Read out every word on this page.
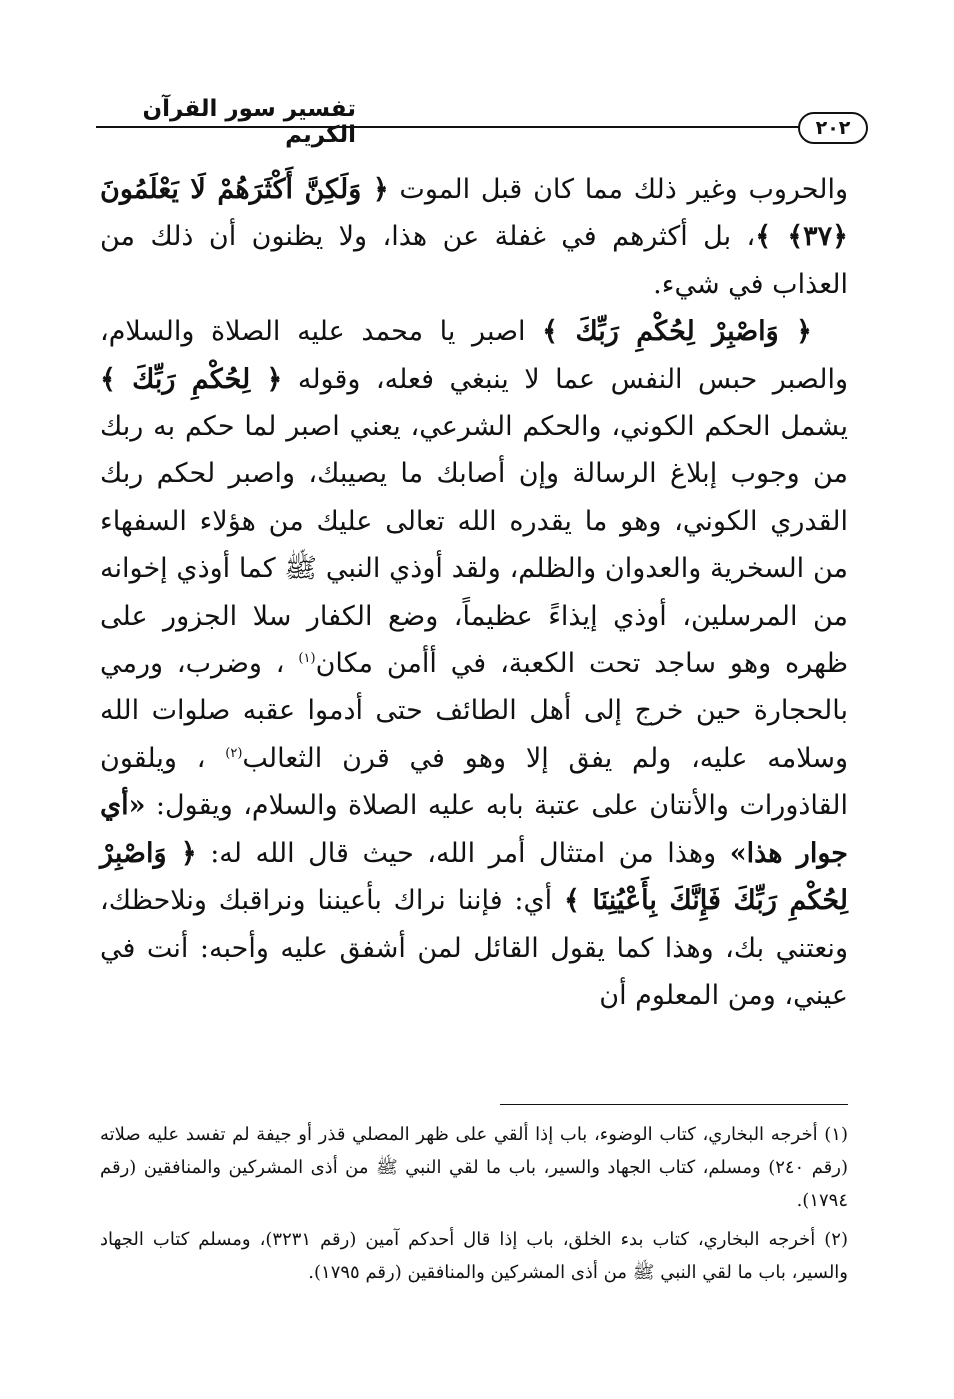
تفسير سور القرآن الكريم	٢٠٢

والحروب وغير ذلك مما كان قبل الموت ﴿ وَلَكِنَّ أَكْثَرَهُمْ لَا يَعْلَمُونَ ﴿٣٧﴾ ﴾، بل أكثرهم في غفلة عن هذا، ولا يظنون أن ذلك من العذاب في شيء.

﴿ وَاصْبِرْ لِحُكْمِ رَبِّكَ ﴾ اصبر يا محمد عليه الصلاة والسلام، والصبر حبس النفس عما لا ينبغي فعله، وقوله ﴿ لِحُكْمِ رَبِّكَ ﴾ يشمل الحكم الكوني، والحكم الشرعي، يعني اصبر لما حكم به ربك من وجوب إبلاغ الرسالة وإن أصابك ما يصيبك، واصبر لحكم ربك القدري الكوني، وهو ما يقدره الله تعالى عليك من هؤلاء السفهاء من السخرية والعدوان والظلم، ولقد أوذي النبي ﷺ كما أوذي إخوانه من المرسلين، أوذي إيذاءً عظيماً، وضع الكفار سلا الجزور على ظهره وهو ساجد تحت الكعبة، في أأمن مكان$^{(١)}$ ، وضرب، ورمي بالحجارة حين خرج إلى أهل الطائف حتى أدموا عقبه صلوات الله وسلامه عليه، ولم يفق إلا وهو في قرن الثعالب$^{(٢)}$ ، ويلقون القاذورات والأنتان على عتبة بابه عليه الصلاة والسلام، ويقول: «أي جوار هذا» وهذا من امتثال أمر الله، حيث قال الله له: ﴿ وَاصْبِرْ لِحُكْمِ رَبِّكَ فَإِنَّكَ بِأَعْيُنِنَا ﴾ أي: فإننا نراك بأعيننا ونراقبك ونلاحظك، ونعتني بك، وهذا كما يقول القائل لمن أشفق عليه وأحبه: أنت في عيني، ومن المعلوم أن

(١) أخرجه البخاري، كتاب الوضوء، باب إذا ألقي على ظهر المصلي قذر أو جيفة لم تفسد عليه صلاته (رقم ٢٤٠) ومسلم، كتاب الجهاد والسير، باب ما لقي النبي ﷺ من أذى المشركين والمنافقين (رقم ١٧٩٤).

(٢) أخرجه البخاري، كتاب بدء الخلق، باب إذا قال أحدكم آمين (رقم ٣٢٣١)، ومسلم كتاب الجهاد والسير، باب ما لقي النبي ﷺ من أذى المشركين والمنافقين (رقم ١٧٩٥).
